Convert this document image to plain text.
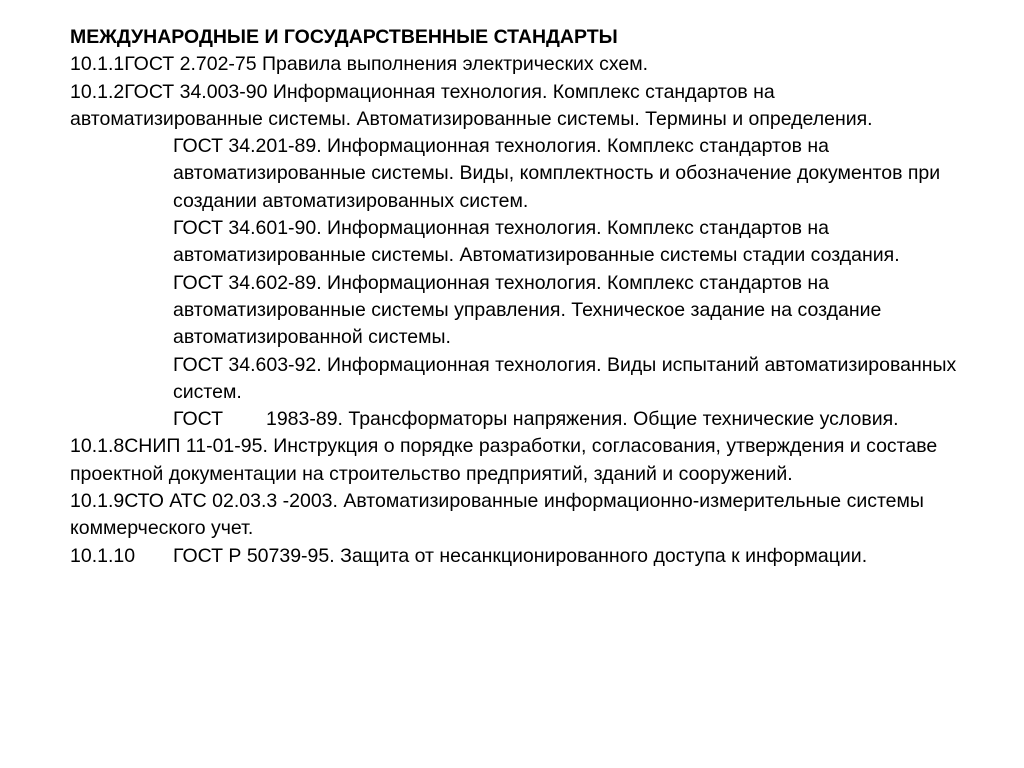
МЕЖДУНАРОДНЫЕ И ГОСУДАРСТВЕННЫЕ СТАНДАРТЫ

10.1.1ГОСТ 2.702-75 Правила выполнения электрических схем.

10.1.2ГОСТ 34.003-90 Информационная технология. Комплекс стандартов на автоматизированные системы. Автоматизированные системы. Термины и определения.

ГОСТ 34.201-89. Информационная технология. Комплекс стандартов на автоматизированные системы. Виды, комплектность и обозначение документов при создании автоматизированных систем.

ГОСТ 34.601-90. Информационная технология. Комплекс стандартов на автоматизированные системы. Автоматизированные системы стадии создания.

ГОСТ 34.602-89. Информационная технология. Комплекс стандартов на автоматизированные системы управления. Техническое задание на создание автоматизированной системы.

ГОСТ 34.603-92. Информационная технология. Виды испытаний автоматизированных систем.

ГОСТ 1983-89. Трансформаторы напряжения. Общие технические условия.

10.1.8СНИП 11-01-95. Инструкция о порядке разработки, согласования, утверждения и составе проектной документации на строительство предприятий, зданий и сооружений.

10.1.9СТО АТС 02.03.3 -2003. Автоматизированные информационно-измерительные системы коммерческого учет.

10.1.10 ГОСТ Р 50739-95. Защита от несанкционированного доступа к информации.
